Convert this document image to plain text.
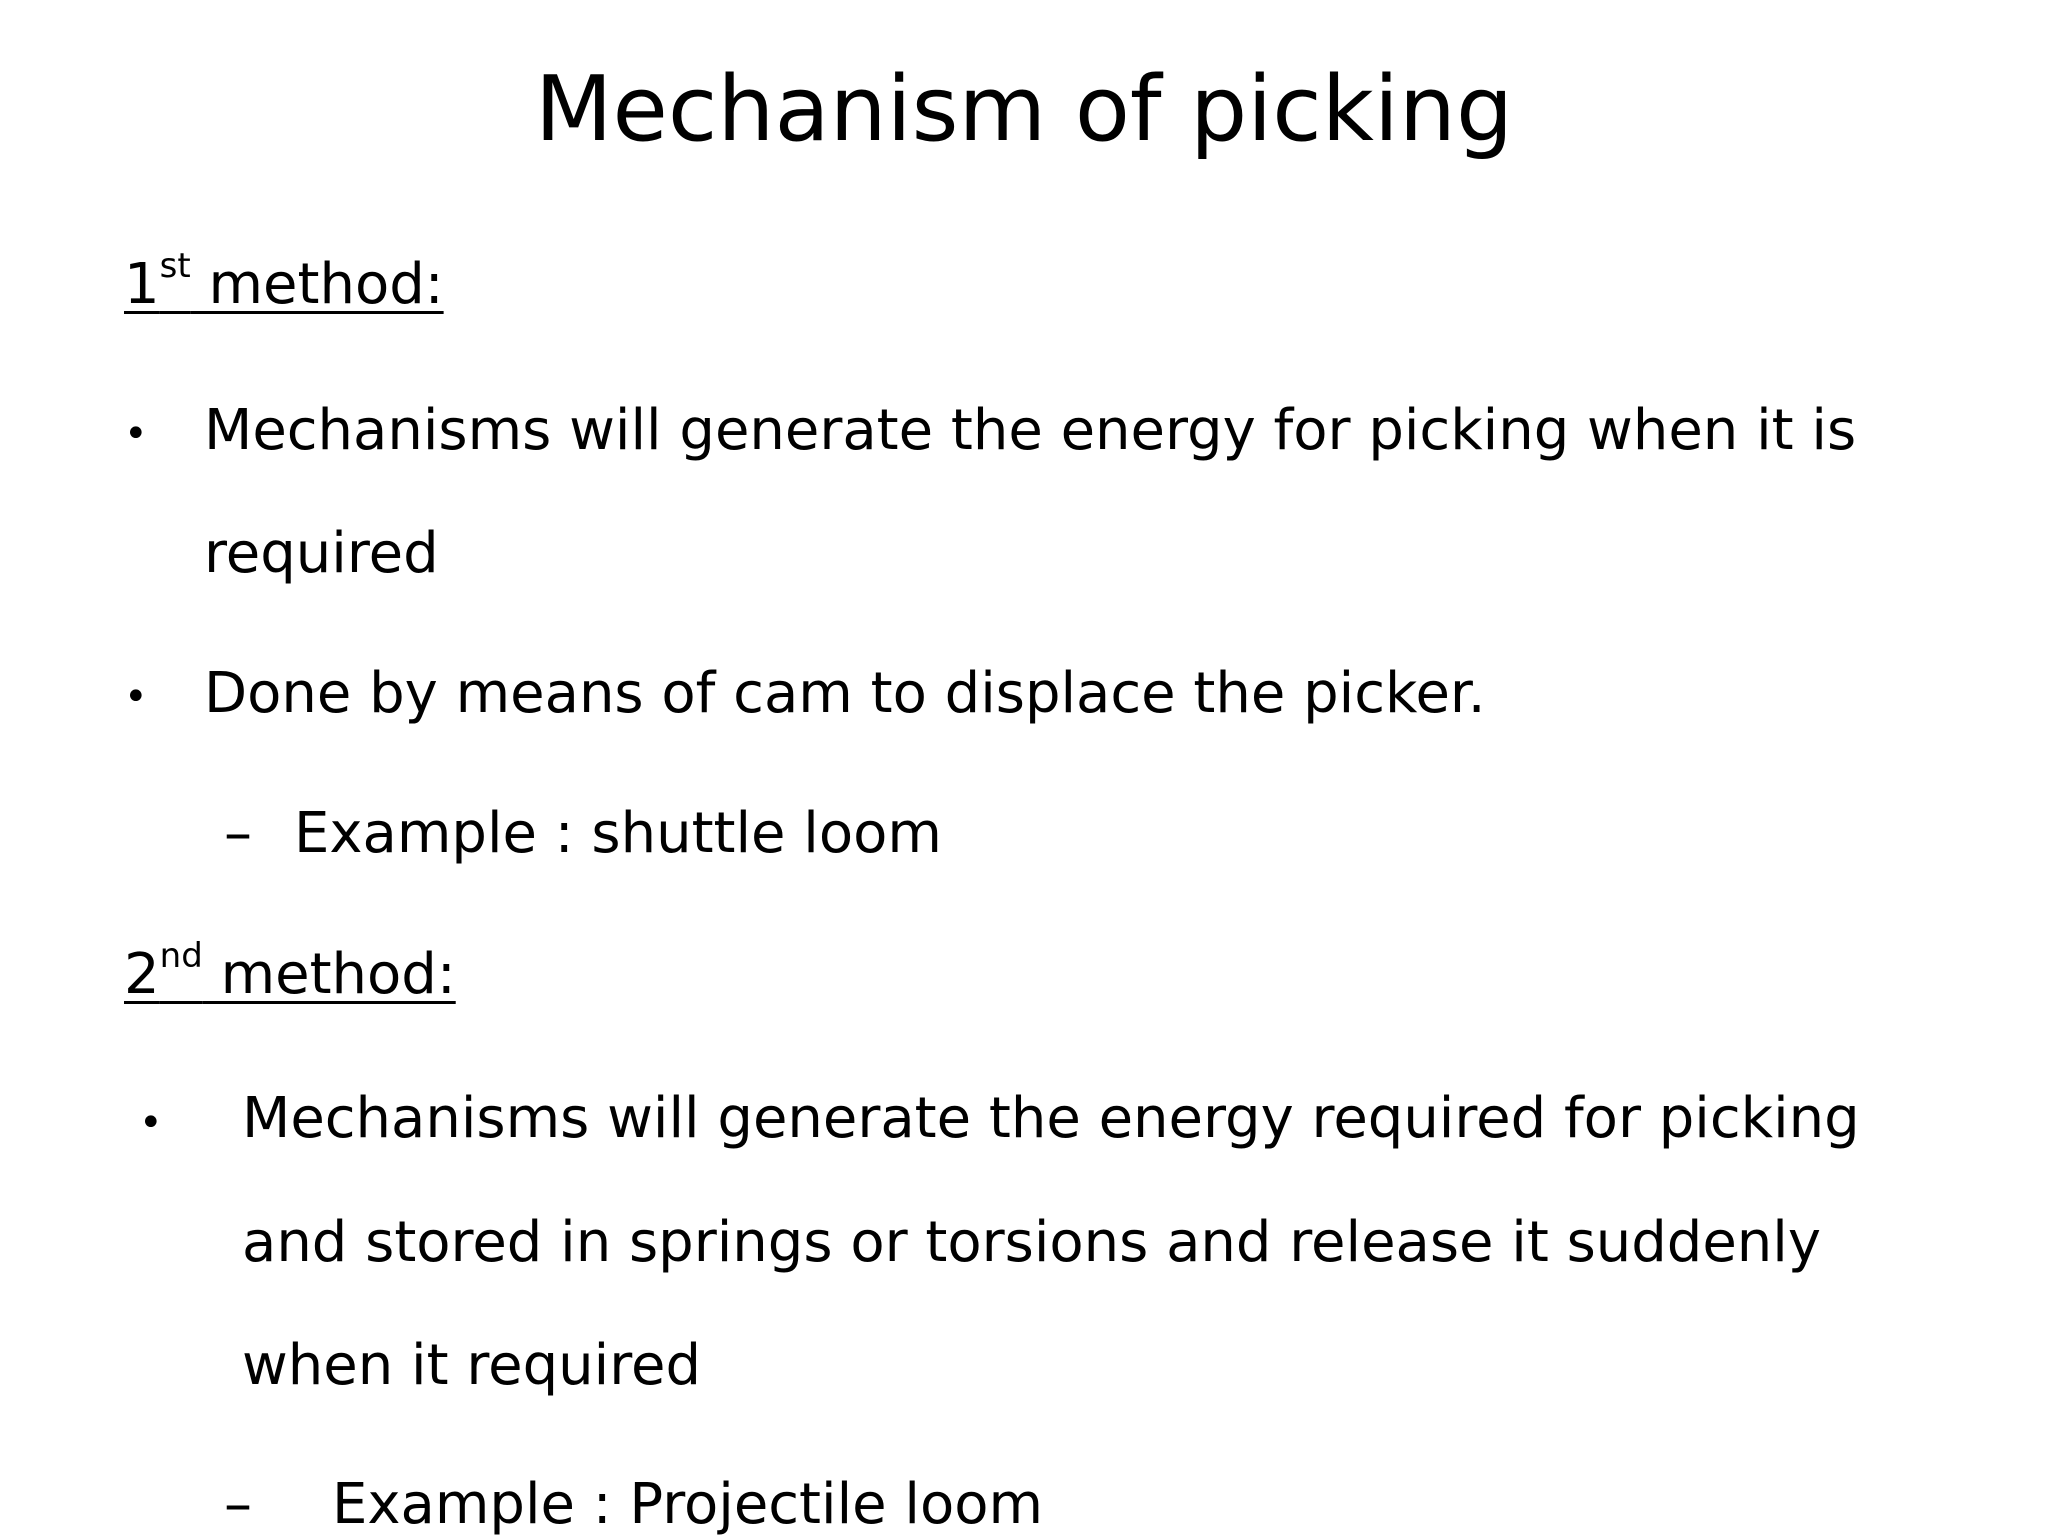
Mechanism of picking
1st method:
• Mechanisms will generate the energy for picking when it is
required
• Done by means of cam to displace the picker.
– Example : shuttle loom
2nd method:
• Mechanisms will generate the energy required for picking
and stored in springs or torsions and release it suddenly
when it required
– Example : Projectile loom
